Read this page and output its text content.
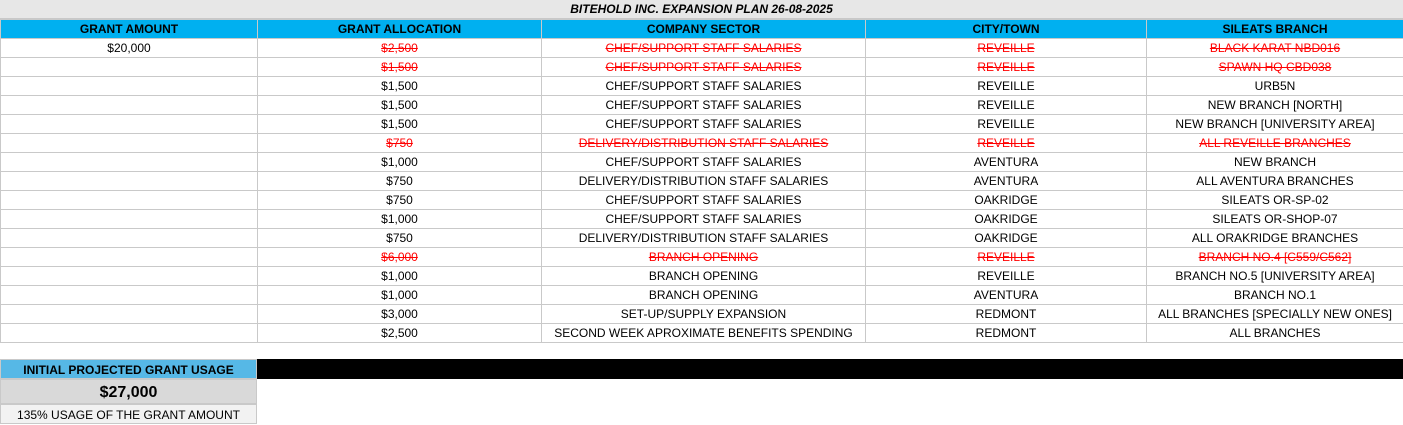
BITEHOLD INC. EXPANSION PLAN 26-08-2025
GRANT AMOUNT	GRANT ALLOCATION	COMPANY SECTOR	CITY/TOWN	SILEATS BRANCH
$20,000	$2,500	CHEF/SUPPORT STAFF SALARIES	REVEILLE	BLACK KARAT NBD016
	$1,500	CHEF/SUPPORT STAFF SALARIES	REVEILLE	SPAWN HQ CBD038
	$1,500	CHEF/SUPPORT STAFF SALARIES	REVEILLE	URB5N
	$1,500	CHEF/SUPPORT STAFF SALARIES	REVEILLE	NEW BRANCH [NORTH]
	$1,500	CHEF/SUPPORT STAFF SALARIES	REVEILLE	NEW BRANCH [UNIVERSITY AREA]
	$750	DELIVERY/DISTRIBUTION STAFF SALARIES	REVEILLE	ALL REVEILLE BRANCHES
	$1,000	CHEF/SUPPORT STAFF SALARIES	AVENTURA	NEW BRANCH
	$750	DELIVERY/DISTRIBUTION STAFF SALARIES	AVENTURA	ALL AVENTURA BRANCHES
	$750	CHEF/SUPPORT STAFF SALARIES	OAKRIDGE	SILEATS OR-SP-02
	$1,000	CHEF/SUPPORT STAFF SALARIES	OAKRIDGE	SILEATS OR-SHOP-07
	$750	DELIVERY/DISTRIBUTION STAFF SALARIES	OAKRIDGE	ALL ORAKRIDGE BRANCHES
	$6,000	BRANCH OPENING	REVEILLE	BRANCH NO.4 [C559/C562]
	$1,000	BRANCH OPENING	REVEILLE	BRANCH NO.5 [UNIVERSITY AREA]
	$1,000	BRANCH OPENING	AVENTURA	BRANCH NO.1
	$3,000	SET-UP/SUPPLY EXPANSION	REDMONT	ALL BRANCHES [SPECIALLY NEW ONES]
	$2,500	SECOND WEEK APROXIMATE BENEFITS SPENDING	REDMONT	ALL BRANCHES
INITIAL PROJECTED GRANT USAGE
$27,000
135% USAGE OF THE GRANT AMOUNT
